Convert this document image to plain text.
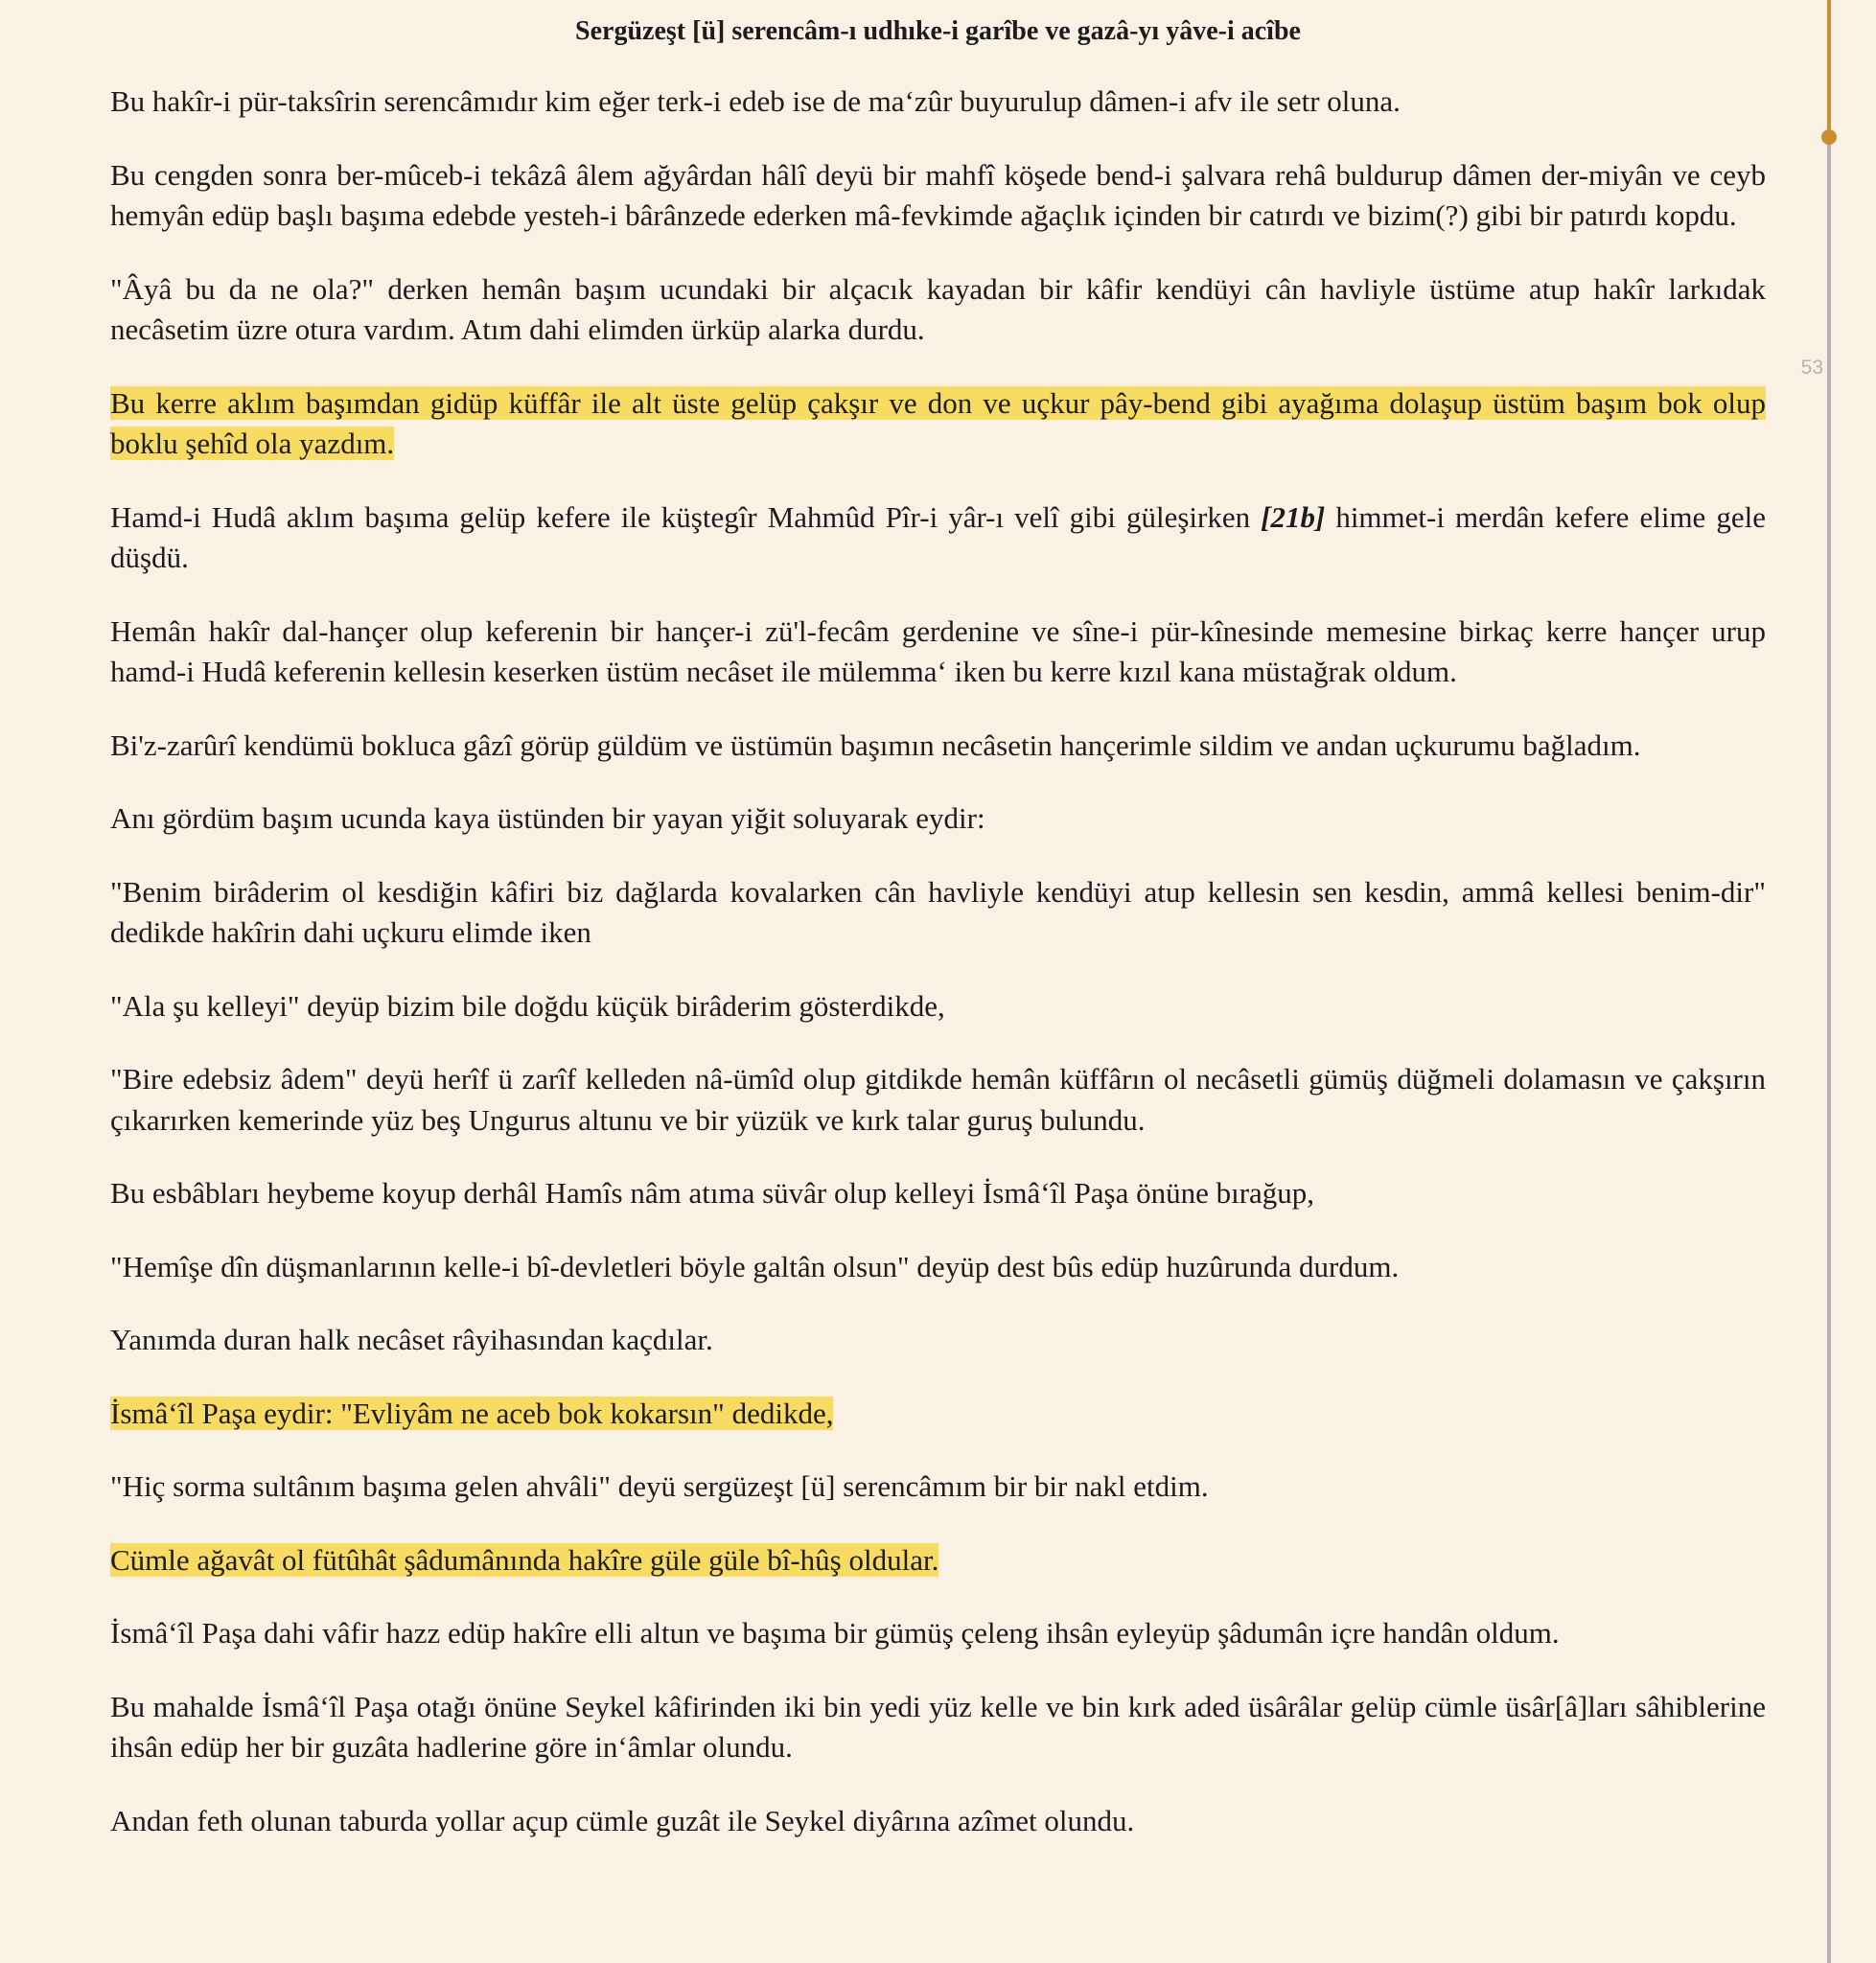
Sergüzeşt [ü] serencâm-ı udhıke-i garîbe ve gazâ-yı yâve-i acîbe

Bu hakîr-i pür-taksîrin serencâmıdır kim eğer terk-i edeb ise de ma‘zûr buyurulup dâmen-i afv ile setr oluna.

Bu cengden sonra ber-mûceb-i tekâzâ âlem ağyârdan hâlî deyü bir mahfî köşede bend-i şalvara rehâ buldurup dâmen der-miyân ve ceyb hemyân edüp başlı başıma edebde yesteh-i bârânzede ederken mâ-fevkimde ağaçlık içinden bir catırdı ve bizim(?) gibi bir patırdı kopdu.

"Âyâ bu da ne ola?" derken hemân başım ucundaki bir alçacık kayadan bir kâfir kendüyi cân havliyle üstüme atup hakîr larkıdak necâsetim üzre otura vardım. Atım dahi elimden ürküp alarka durdu.

Bu kerre aklım başımdan gidüp küffâr ile alt üste gelüp çakşır ve don ve uçkur pây-bend gibi ayağıma dolaşup üstüm başım bok olup boklu şehîd ola yazdım.

Hamd-i Hudâ aklım başıma gelüp kefere ile küştegîr Mahmûd Pîr-i yâr-ı velî gibi güleşirken [21b] himmet-i merdân kefere elime gele düşdü.

Hemân hakîr dal-hançer olup keferenin bir hançer-i zü'l-fecâm gerdenine ve sîne-i pür-kînesinde memesine birkaç kerre hançer urup hamd-i Hudâ keferenin kellesin keserken üstüm necâset ile mülemma‘ iken bu kerre kızıl kana müstağrak oldum.

Bi'z-zarûrî kendümü bokluca gâzî görüp güldüm ve üstümün başımın necâsetin hançerimle sildim ve andan uçkurumu bağladım.

Anı gördüm başım ucunda kaya üstünden bir yayan yiğit soluyarak eydir:

"Benim birâderim ol kesdiğin kâfiri biz dağlarda kovalarken cân havliyle kendüyi atup kellesin sen kesdin, ammâ kellesi benim-dir" dedikde hakîrin dahi uçkuru elimde iken

"Ala şu kelleyi" deyüp bizim bile doğdu küçük birâderim gösterdikde,

"Bire edebsiz âdem" deyü herîf ü zarîf kelleden nâ-ümîd olup gitdikde hemân küffârın ol necâsetli gümüş düğmeli dolamasın ve çakşırın çıkarırken kemerinde yüz beş Ungurus altunu ve bir yüzük ve kırk talar guruş bulundu.

Bu esbâbları heybeme koyup derhâl Hamîs nâm atıma süvâr olup kelleyi İsmâ‘îl Paşa önüne bırağup,

"Hemîşe dîn düşmanlarının kelle-i bî-devletleri böyle galtân olsun" deyüp dest bûs edüp huzûrunda durdum.

Yanımda duran halk necâset râyihasından kaçdılar.

İsmâ‘îl Paşa eydir: "Evliyâm ne aceb bok kokarsın" dedikde,

"Hiç sorma sultânım başıma gelen ahvâli" deyü sergüzeşt [ü] serencâmım bir bir nakl etdim.

Cümle ağavât ol fütûhât şâdumânında hakîre güle güle bî-hûş oldular.

İsmâ‘îl Paşa dahi vâfir hazz edüp hakîre elli altun ve başıma bir gümüş çeleng ihsân eyleyüp şâdumân içre handân oldum.

Bu mahalde İsmâ‘îl Paşa otağı önüne Seykel kâfirinden iki bin yedi yüz kelle ve bin kırk aded üsârâlar gelüp cümle üsâr[â]ları sâhiblerine ihsân edüp her bir guzâta hadlerine göre in‘âmlar olundu.

Andan feth olunan taburda yollar açup cümle guzât ile Seykel diyârına azîmet olundu.

53
